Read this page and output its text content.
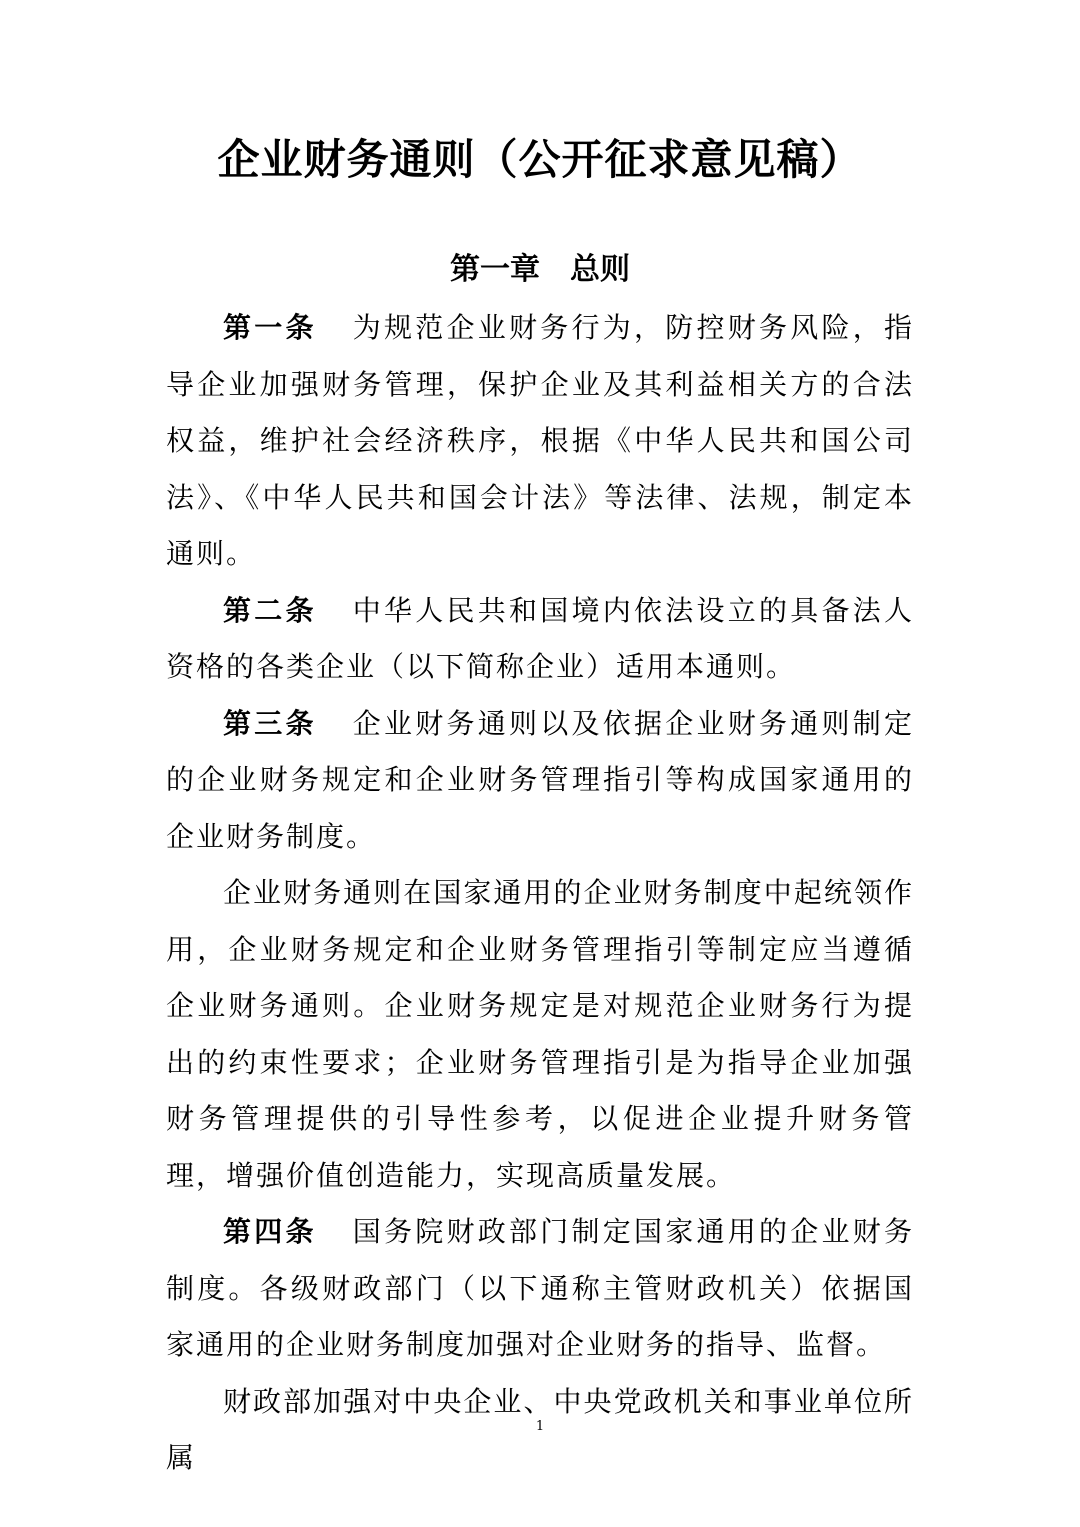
企业财务通则（公开征求意见稿）
第一章 总则

第一条 为规范企业财务行为，防控财务风险，指导企业加强财务管理，保护企业及其利益相关方的合法权益，维护社会经济秩序，根据《中华人民共和国公司法》、《中华人民共和国会计法》等法律、法规，制定本通则。

第二条 中华人民共和国境内依法设立的具备法人资格的各类企业（以下简称企业）适用本通则。

第三条 企业财务通则以及依据企业财务通则制定的企业财务规定和企业财务管理指引等构成国家通用的企业财务制度。

企业财务通则在国家通用的企业财务制度中起统领作用，企业财务规定和企业财务管理指引等制定应当遵循企业财务通则。企业财务规定是对规范企业财务行为提出的约束性要求；企业财务管理指引是为指导企业加强财务管理提供的引导性参考，以促进企业提升财务管理，增强价值创造能力，实现高质量发展。

第四条 国务院财政部门制定国家通用的企业财务制度。各级财政部门（以下通称主管财政机关）依据国家通用的企业财务制度加强对企业财务的指导、监督。

财政部加强对中央企业、中央党政机关和事业单位所属

1
